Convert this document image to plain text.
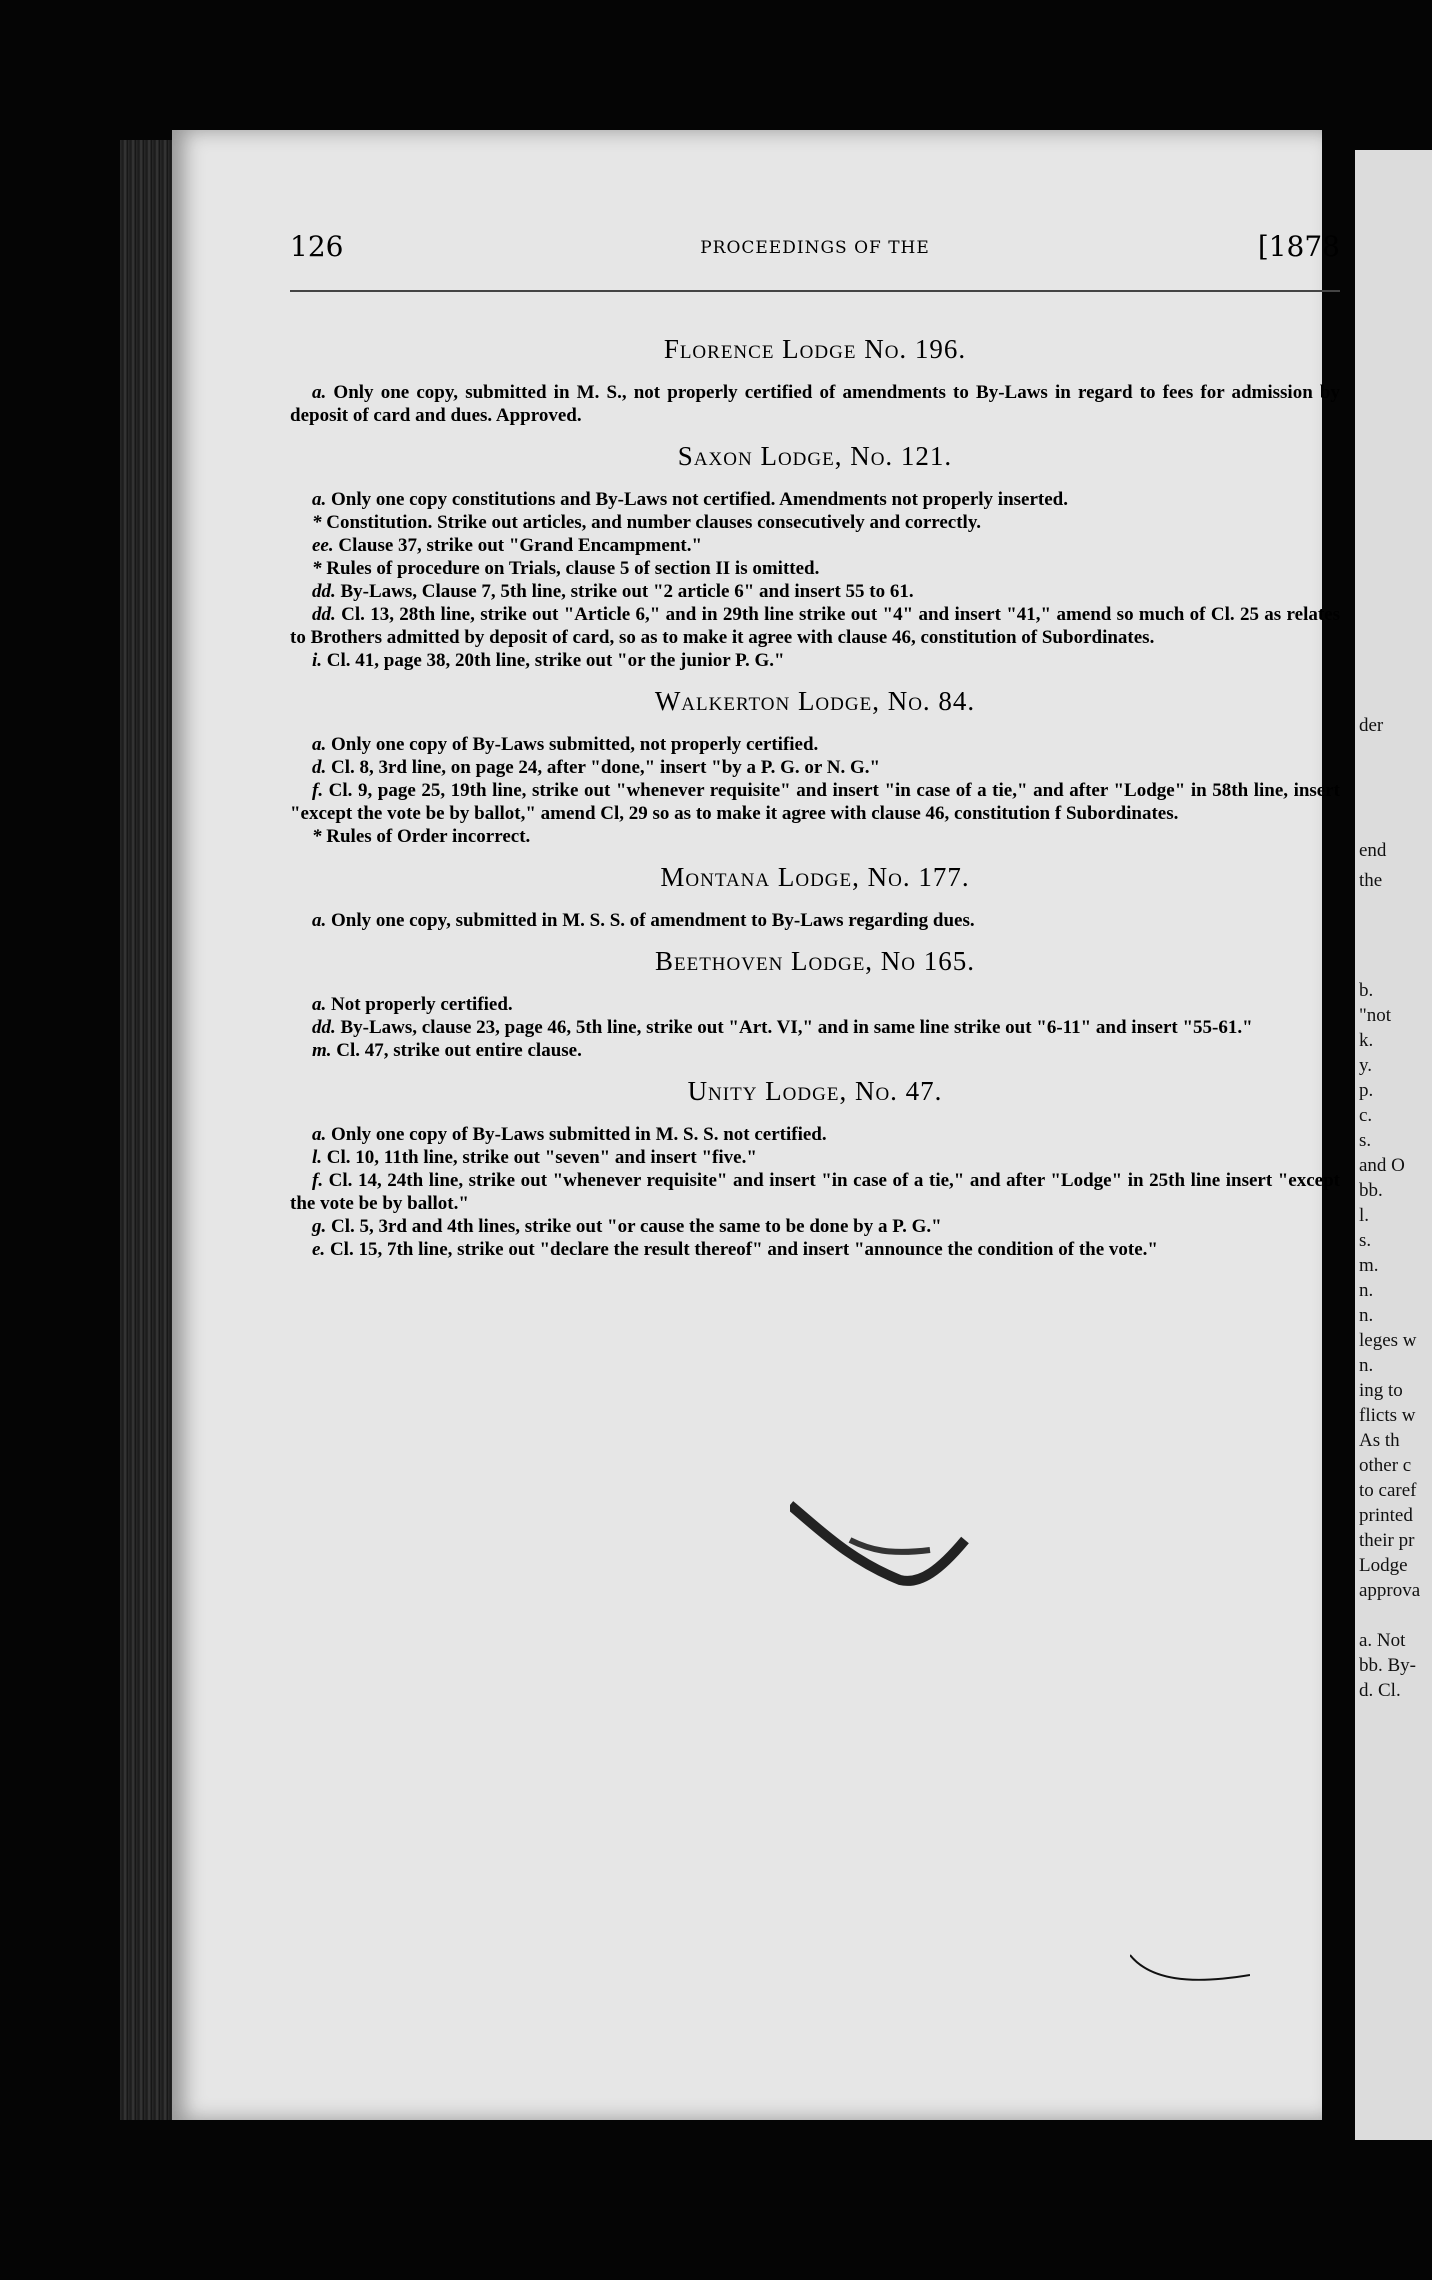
der
end
the
b.
"not
k.
y.
p.
c.
s.
and O
bb.
l.
s.
m.
n.
n.
leges w
n.
ing to
flicts w
As th
other c
to caref
printed
their pr
Lodge
approva
a. Not
bb. By-
d. Cl.
126	PROCEEDINGS OF THE	[1878
Florence Lodge No. 196.

a. Only one copy, submitted in M. S., not properly certified of amendments to By-Laws in regard to fees for admission by deposit of card and dues. Approved.

Saxon Lodge, No. 121.

a. Only one copy constitutions and By-Laws not certified. Amendments not properly inserted.

* Constitution. Strike out articles, and number clauses consecutively and correctly.

ee. Clause 37, strike out "Grand Encampment."

* Rules of procedure on Trials, clause 5 of section II is omitted.

dd. By-Laws, Clause 7, 5th line, strike out "2 article 6" and insert 55 to 61.

dd. Cl. 13, 28th line, strike out "Article 6," and in 29th line strike out "4" and insert "41," amend so much of Cl. 25 as relates to Brothers admitted by deposit of card, so as to make it agree with clause 46, constitution of Subordinates.

i. Cl. 41, page 38, 20th line, strike out "or the junior P. G."

Walkerton Lodge, No. 84.

a. Only one copy of By-Laws submitted, not properly certified.

d. Cl. 8, 3rd line, on page 24, after "done," insert "by a P. G. or N. G."

f. Cl. 9, page 25, 19th line, strike out "whenever requisite" and insert "in case of a tie," and after "Lodge" in 58th line, insert "except the vote be by ballot," amend Cl, 29 so as to make it agree with clause 46, constitution f Subordinates.

* Rules of Order incorrect.

Montana Lodge, No. 177.

a. Only one copy, submitted in M. S. S. of amendment to By-Laws regarding dues.

Beethoven Lodge, No 165.

a. Not properly certified.

dd. By-Laws, clause 23, page 46, 5th line, strike out "Art. VI," and in same line strike out "6-11" and insert "55-61."

m. Cl. 47, strike out entire clause.

Unity Lodge, No. 47.

a. Only one copy of By-Laws submitted in M. S. S. not certified.

l. Cl. 10, 11th line, strike out "seven" and insert "five."

f. Cl. 14, 24th line, strike out "whenever requisite" and insert "in case of a tie," and after "Lodge" in 25th line insert "except the vote be by ballot."

g. Cl. 5, 3rd and 4th lines, strike out "or cause the same to be done by a P. G."

e. Cl. 15, 7th line, strike out "declare the result thereof" and insert "announce the condition of the vote."
